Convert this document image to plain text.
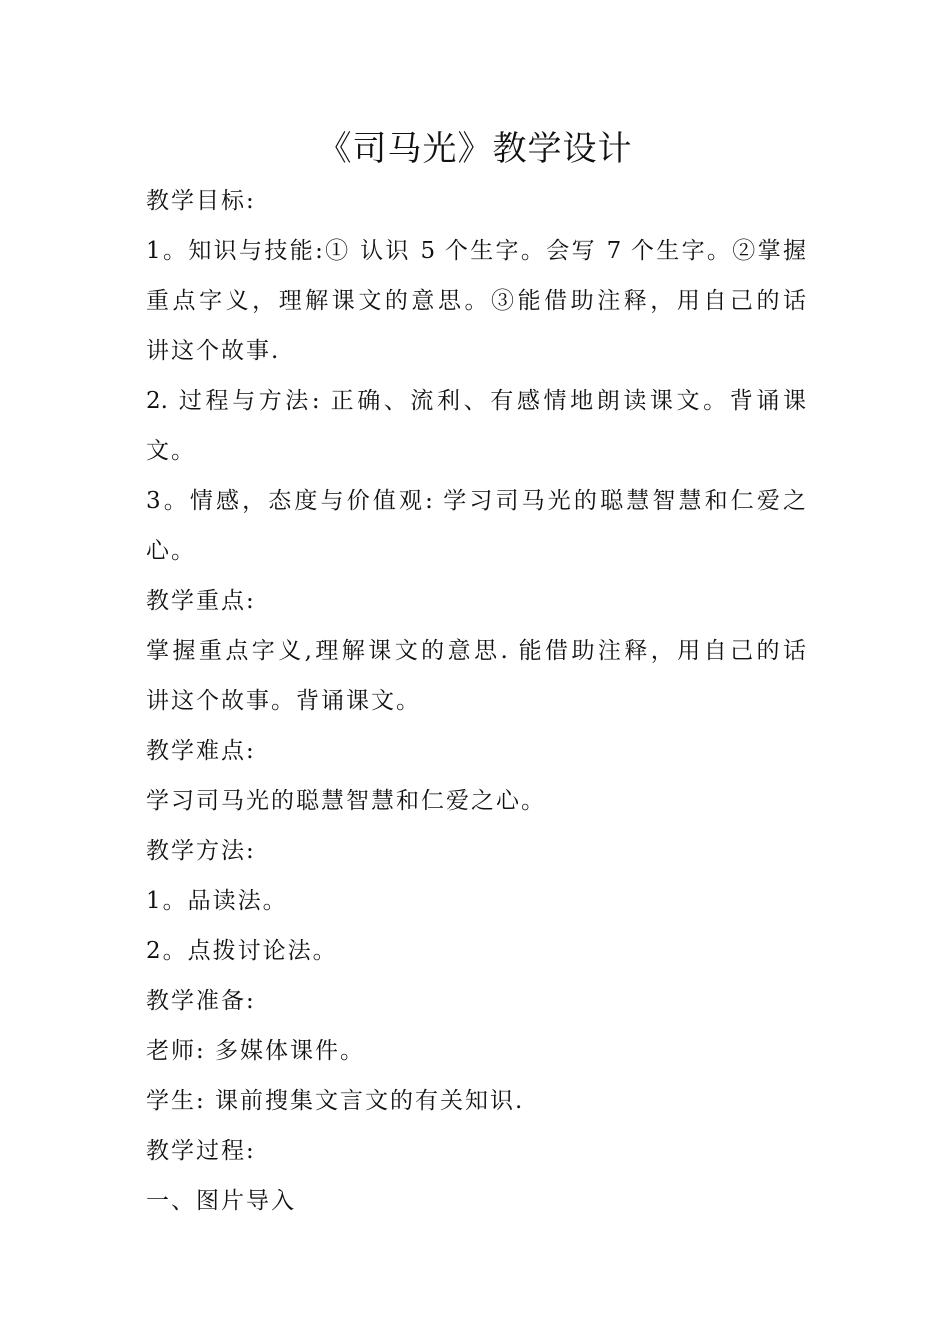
《司马光》教学设计
教学目标:
1。知识与技能:① 认识 5 个生字。会写 7 个生字。②掌握
重点字义，理解课文的意思。③能借助注释，用自己的话
讲这个故事.
2. 过程与方法: 正确、流利、有感情地朗读课文。背诵课
文。
3。情感，态度与价值观: 学习司马光的聪慧智慧和仁爱之
心。
教学重点:
掌握重点字义,理解课文的意思. 能借助注释，用自己的话
讲这个故事。背诵课文。
教学难点:
学习司马光的聪慧智慧和仁爱之心。
教学方法:
1。品读法。
2。点拨讨论法。
教学准备:
老师: 多媒体课件。
学生: 课前搜集文言文的有关知识.
教学过程:
一、图片导入
